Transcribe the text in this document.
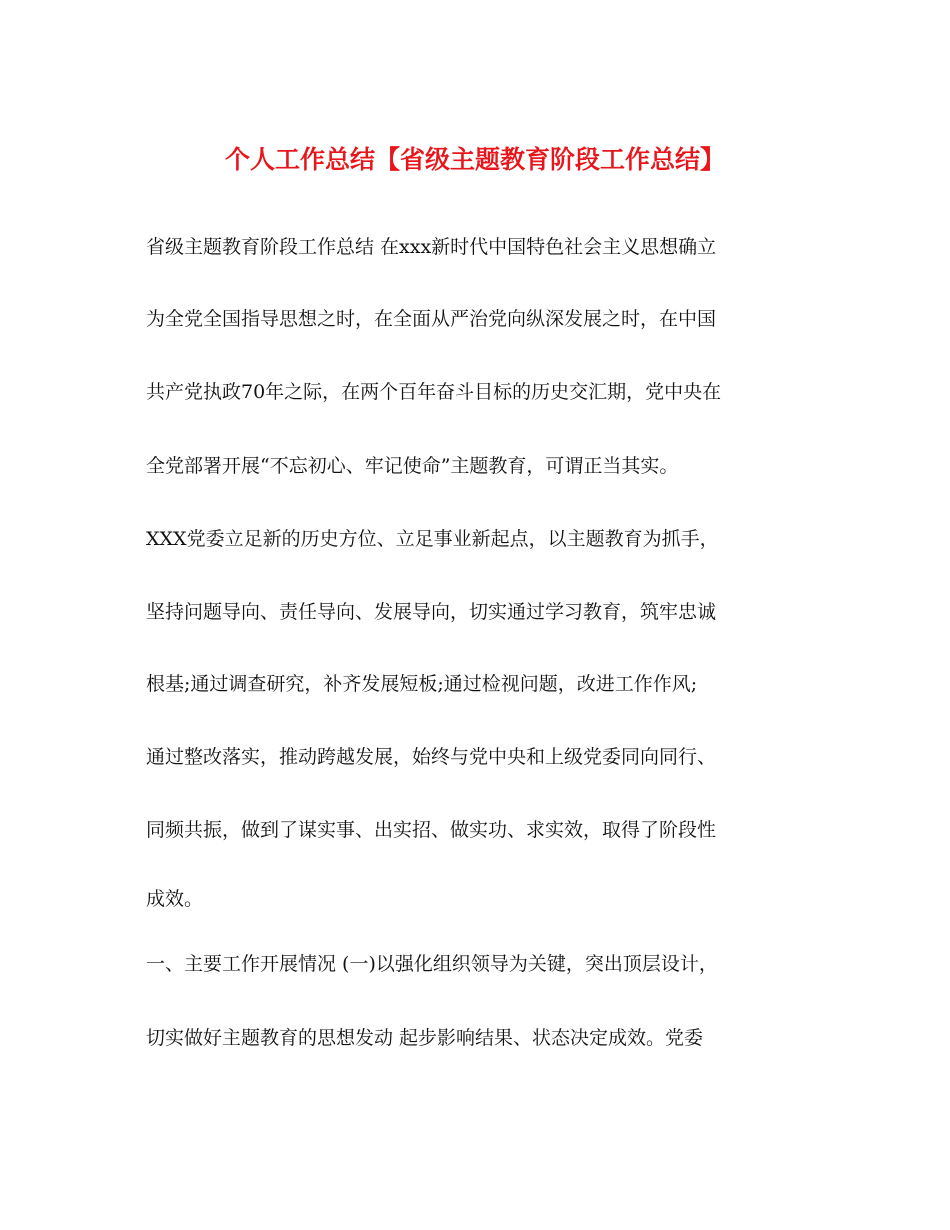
个人工作总结【省级主题教育阶段工作总结】
省级主题教育阶段工作总结 在xxx新时代中国特色社会主义思想确立
为全党全国指导思想之时，在全面从严治党向纵深发展之时，在中国
共产党执政70年之际，在两个百年奋斗目标的历史交汇期，党中央在
全党部署开展“不忘初心、牢记使命”主题教育，可谓正当其实。
XXX党委立足新的历史方位、立足事业新起点，以主题教育为抓手，
坚持问题导向、责任导向、发展导向，切实通过学习教育，筑牢忠诚
根基;通过调查研究，补齐发展短板;通过检视问题，改进工作作风;
通过整改落实，推动跨越发展，始终与党中央和上级党委同向同行、
同频共振，做到了谋实事、出实招、做实功、求实效，取得了阶段性
成效。
一、主要工作开展情况 (一)以强化组织领导为关键，突出顶层设计，
切实做好主题教育的思想发动 起步影响结果、状态决定成效。党委
